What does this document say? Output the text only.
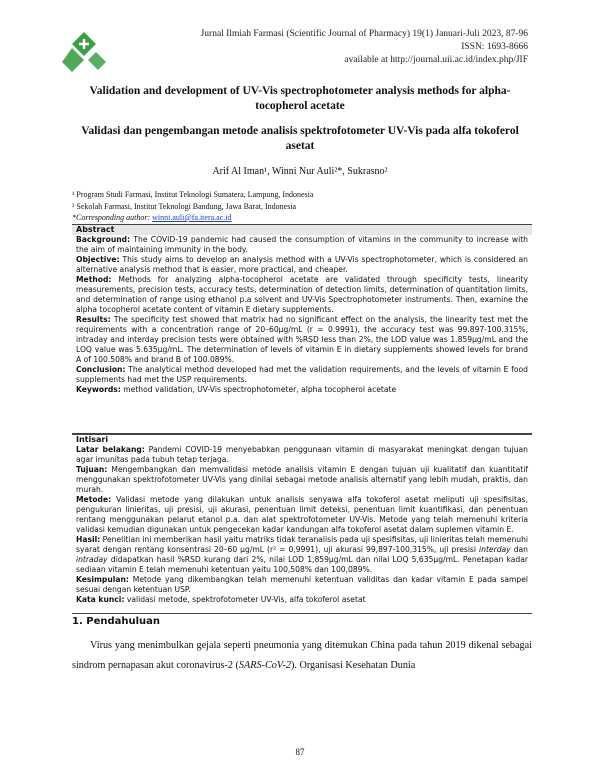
Jurnal Ilmiah Farmasi (Scientific Journal of Pharmacy) 19(1) Januari-Juli 2023, 87-96
ISSN: 1693-8666
available at http://journal.uii.ac.id/index.php/JIF
Validation and development of UV-Vis spectrophotometer analysis methods for alpha-tocopherol acetate
Validasi dan pengembangan metode analisis spektrofotometer UV-Vis pada alfa tokoferol asetat
Arif Al Iman¹, Winni Nur Auli²*, Sukrasno²
¹ Program Studi Farmasi, Institut Teknologi Sumatera, Lampung, Indonesia
² Sekolah Farmasi, Institut Teknologi Bandung, Jawa Barat, Indonesia
*Corresponding author: winni.auli@fa.itera.ac.id
Abstract
Background: The COVID-19 pandemic had caused the consumption of vitamins in the community to increase with the aim of maintaining immunity in the body.
Objective: This study aims to develop an analysis method with a UV-Vis spectrophotometer, which is considered an alternative analysis method that is easier, more practical, and cheaper.
Method: Methods for analyzing alpha-tocopherol acetate are validated through specificity tests, linearity measurements, precision tests, accuracy tests, determination of detection limits, determination of quantitation limits, and determination of range using ethanol p.a solvent and UV-Vis Spectrophotometer instruments. Then, examine the alpha tocopherol acetate content of vitamin E dietary supplements.
Results: The specificity test showed that matrix had no significant effect on the analysis, the linearity test met the requirements with a concentration range of 20–60μg/mL (r = 0.9991), the accuracy test was 99.897-100.315%, intraday and interday precision tests were obtained with %RSD less than 2%, the LOD value was 1.859μg/mL and the LOQ value was 5.635μg/mL. The determination of levels of vitamin E in dietary supplements showed levels for brand A of 100.508% and brand B of 100.089%.
Conclusion: The analytical method developed had met the validation requirements, and the levels of vitamin E food supplements had met the USP requirements.
Keywords: method validation, UV-Vis spectrophotometer, alpha tocopherol acetate
Intisari
Latar belakang: Pandemi COVID-19 menyebabkan penggunaan vitamin di masyarakat meningkat dengan tujuan agar imunitas pada tubuh tetap terjaga.
Tujuan: Mengembangkan dan memvalidasi metode analisis vitamin E dengan tujuan uji kualitatif dan kuantitatif menggunakan spektrofotometer UV-Vis yang dinilai sebagai metode analisis alternatif yang lebih mudah, praktis, dan murah.
Metode: Validasi metode yang dilakukan untuk analisis senyawa alfa tokoferol asetat meliputi uji spesifisitas, pengukuran linieritas, uji presisi, uji akurasi, penentuan limit deteksi, penentuan limit kuantifikasi, dan penentuan rentang menggunakan pelarut etanol p.a. dan alat spektrofotometer UV-Vis. Metode yang telah memenuhi kriteria validasi kemudian digunakan untuk pengecekan kadar kandungan alfa tokoferol asetat dalam suplemen vitamin E.
Hasil: Penelitian ini memberikan hasil yaitu matriks tidak teranalisis pada uji spesifisitas, uji linieritas telah memenuhi syarat dengan rentang konsentrasi 20–60 μg/mL (r² = 0,9991), uji akurasi 99,897-100,315%, uji presisi interday dan intraday didapatkan hasil %RSD kurang dari 2%, nilai LOD 1,859μg/mL dan nilai LOQ 5,635μg/mL. Penetapan kadar sediaan vitamin E telah memenuhi ketentuan yaitu 100,508% dan 100,089%.
Kesimpulan: Metode yang dikembangkan telah memenuhi ketentuan validitas dan kadar vitamin E pada sampel sesuai dengan ketentuan USP.
Kata kunci: validasi metode, spektrofotometer UV-Vis, alfa tokoferol asetat
1. Pendahuluan
Virus yang menimbulkan gejala seperti pneumonia yang ditemukan China pada tahun 2019 dikenal sebagai sindrom pernapasan akut coronavirus-2 (SARS-CoV-2). Organisasi Kesehatan Dunia
87
